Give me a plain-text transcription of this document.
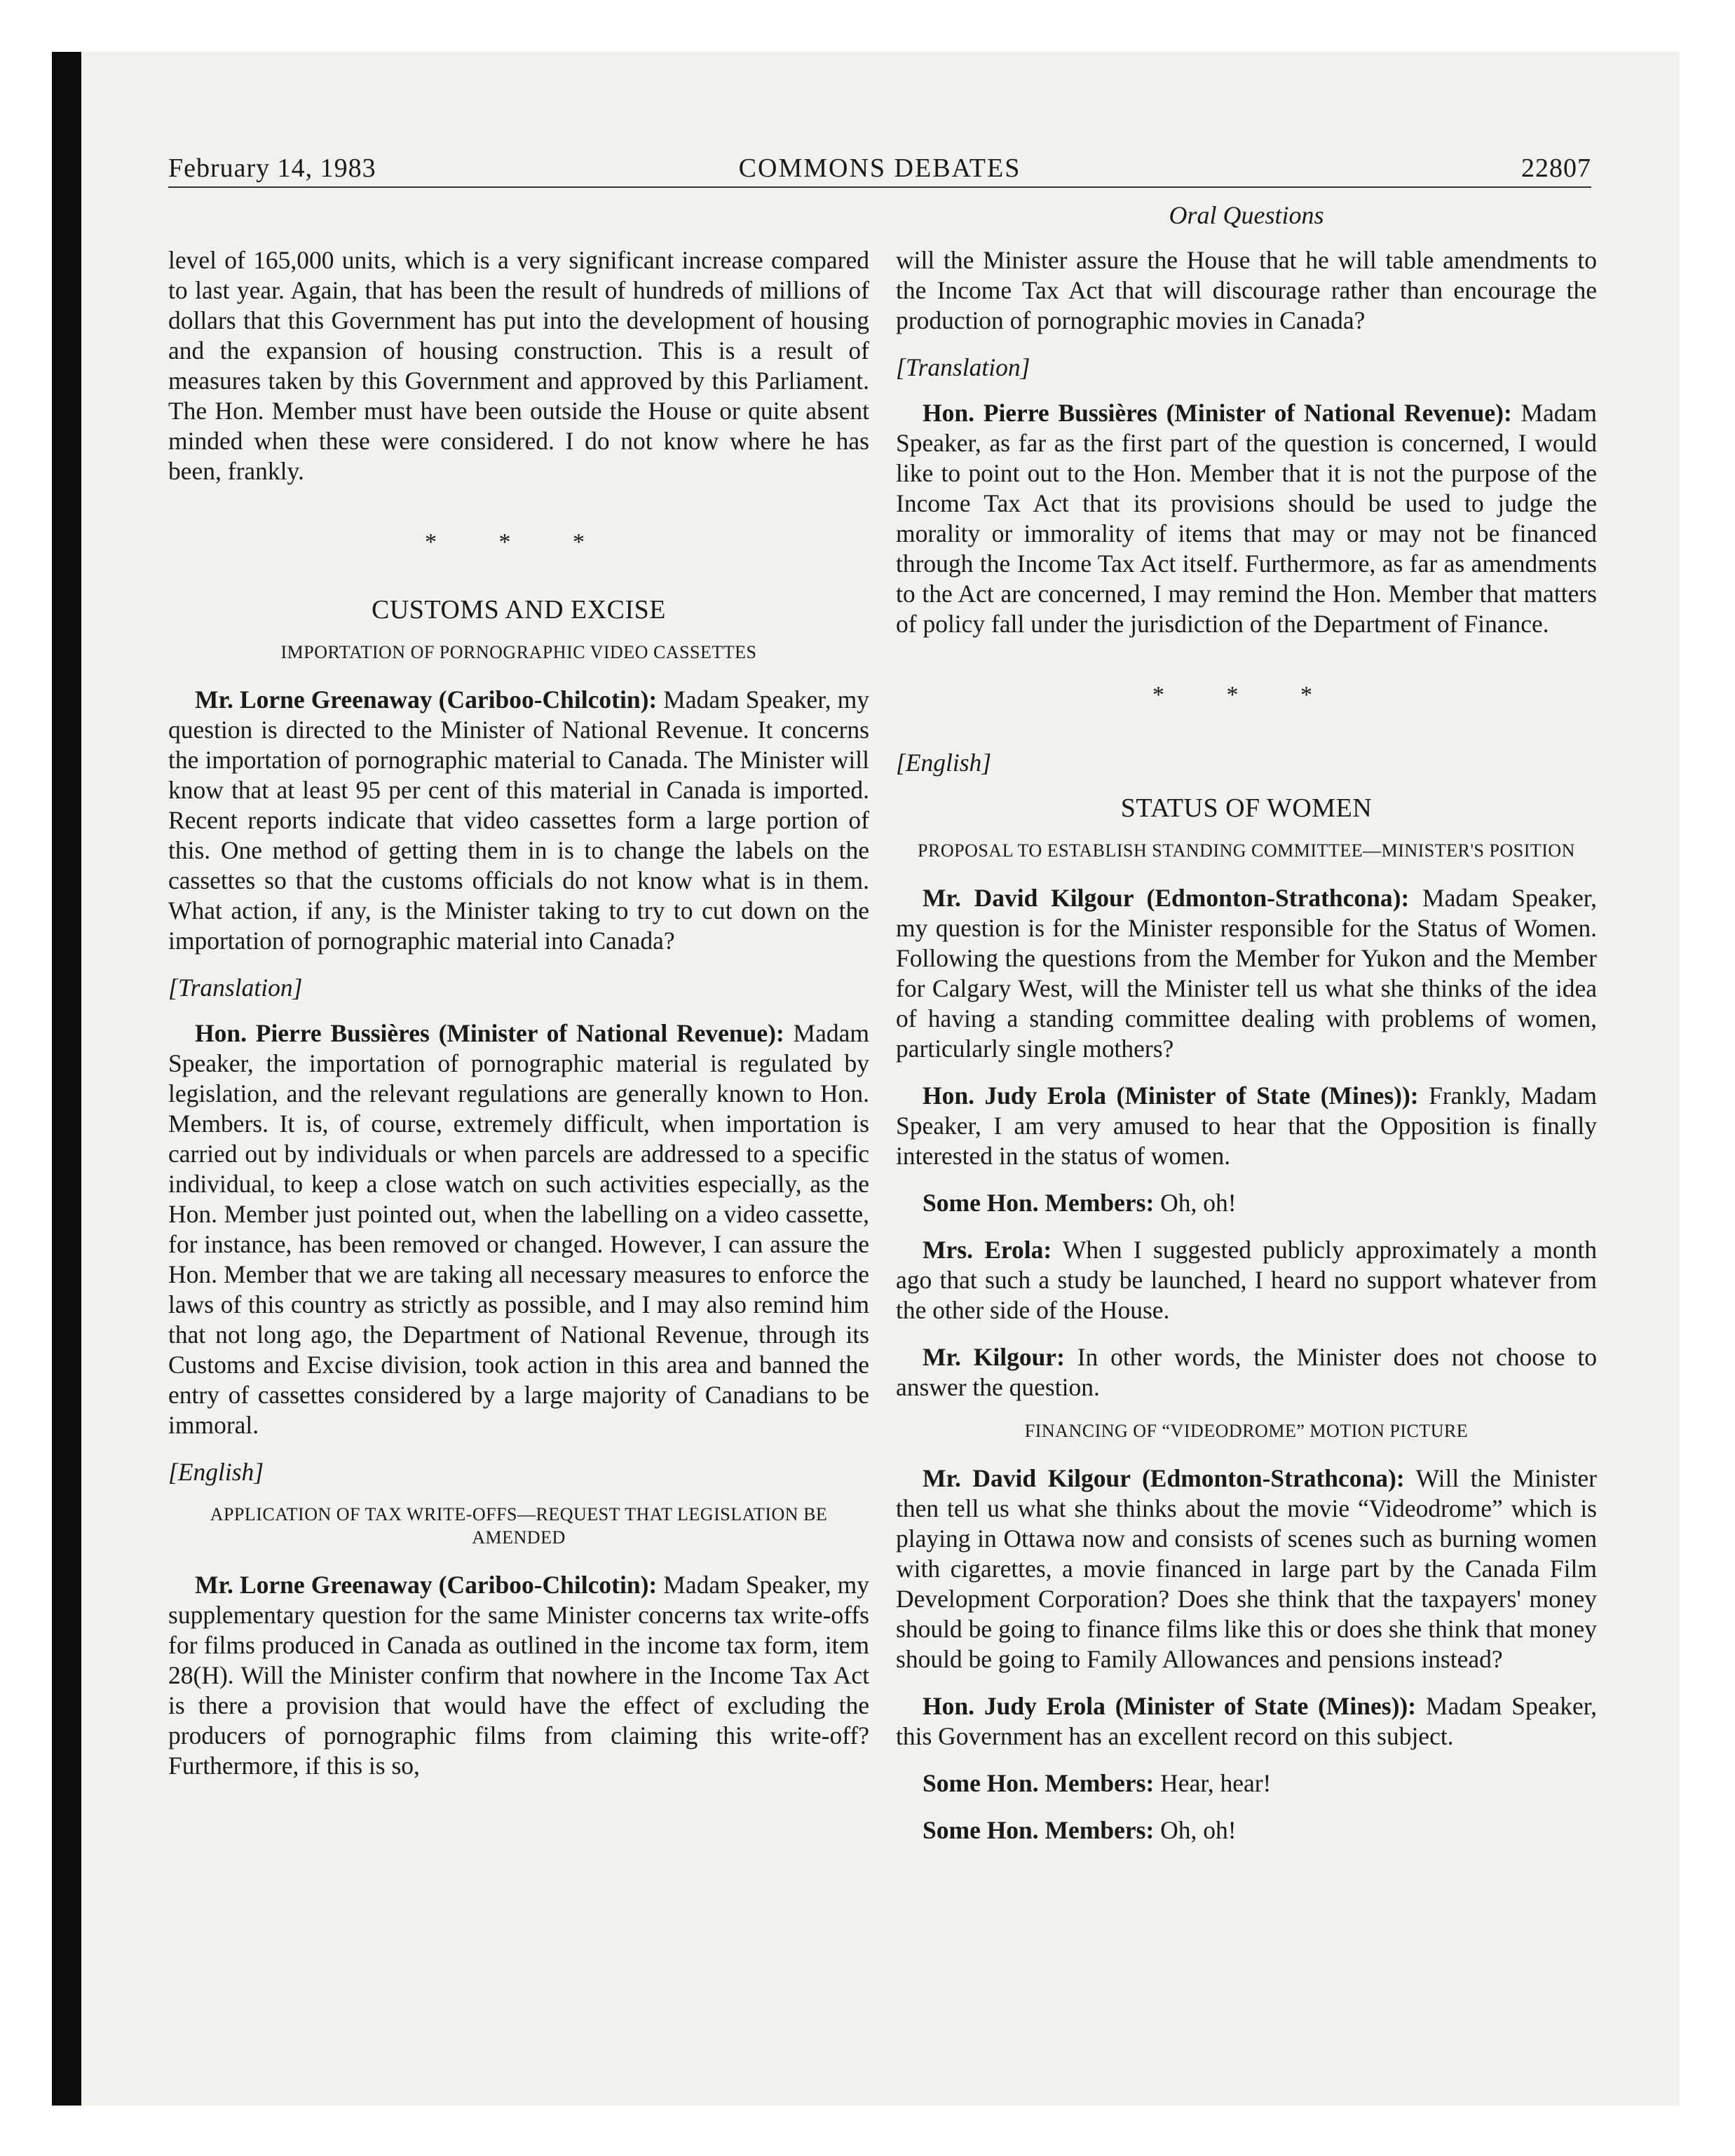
February 14, 1983	COMMONS DEBATES	22807
Oral Questions

level of 165,000 units, which is a very significant increase compared to last year. Again, that has been the result of hundreds of millions of dollars that this Government has put into the development of housing and the expansion of housing construction. This is a result of measures taken by this Government and approved by this Parliament. The Hon. Member must have been outside the House or quite absent minded when these were considered. I do not know where he has been, frankly.

* * *
CUSTOMS AND EXCISE
IMPORTATION OF PORNOGRAPHIC VIDEO CASSETTES

Mr. Lorne Greenaway (Cariboo-Chilcotin): Madam Speaker, my question is directed to the Minister of National Revenue. It concerns the importation of pornographic material to Canada. The Minister will know that at least 95 per cent of this material in Canada is imported. Recent reports indicate that video cassettes form a large portion of this. One method of getting them in is to change the labels on the cassettes so that the customs officials do not know what is in them. What action, if any, is the Minister taking to try to cut down on the importation of pornographic material into Canada?

[Translation]

Hon. Pierre Bussières (Minister of National Revenue): Madam Speaker, the importation of pornographic material is regulated by legislation, and the relevant regulations are generally known to Hon. Members. It is, of course, extremely difficult, when importation is carried out by individuals or when parcels are addressed to a specific individual, to keep a close watch on such activities especially, as the Hon. Member just pointed out, when the labelling on a video cassette, for instance, has been removed or changed. However, I can assure the Hon. Member that we are taking all necessary measures to enforce the laws of this country as strictly as possible, and I may also remind him that not long ago, the Department of National Revenue, through its Customs and Excise division, took action in this area and banned the entry of cassettes considered by a large majority of Canadians to be immoral.

[English]
APPLICATION OF TAX WRITE-OFFS—REQUEST THAT LEGISLATION BE AMENDED

Mr. Lorne Greenaway (Cariboo-Chilcotin): Madam Speaker, my supplementary question for the same Minister concerns tax write-offs for films produced in Canada as outlined in the income tax form, item 28(H). Will the Minister confirm that nowhere in the Income Tax Act is there a provision that would have the effect of excluding the producers of pornographic films from claiming this write-off? Furthermore, if this is so,

will the Minister assure the House that he will table amendments to the Income Tax Act that will discourage rather than encourage the production of pornographic movies in Canada?

[Translation]

Hon. Pierre Bussières (Minister of National Revenue): Madam Speaker, as far as the first part of the question is concerned, I would like to point out to the Hon. Member that it is not the purpose of the Income Tax Act that its provisions should be used to judge the morality or immorality of items that may or may not be financed through the Income Tax Act itself. Furthermore, as far as amendments to the Act are concerned, I may remind the Hon. Member that matters of policy fall under the jurisdiction of the Department of Finance.

* * *
[English]
STATUS OF WOMEN
PROPOSAL TO ESTABLISH STANDING COMMITTEE—MINISTER'S POSITION

Mr. David Kilgour (Edmonton-Strathcona): Madam Speaker, my question is for the Minister responsible for the Status of Women. Following the questions from the Member for Yukon and the Member for Calgary West, will the Minister tell us what she thinks of the idea of having a standing committee dealing with problems of women, particularly single mothers?

Hon. Judy Erola (Minister of State (Mines)): Frankly, Madam Speaker, I am very amused to hear that the Opposition is finally interested in the status of women.

Some Hon. Members: Oh, oh!

Mrs. Erola: When I suggested publicly approximately a month ago that such a study be launched, I heard no support whatever from the other side of the House.

Mr. Kilgour: In other words, the Minister does not choose to answer the question.

FINANCING OF “VIDEODROME” MOTION PICTURE

Mr. David Kilgour (Edmonton-Strathcona): Will the Minister then tell us what she thinks about the movie “Videodrome” which is playing in Ottawa now and consists of scenes such as burning women with cigarettes, a movie financed in large part by the Canada Film Development Corporation? Does she think that the taxpayers' money should be going to finance films like this or does she think that money should be going to Family Allowances and pensions instead?

Hon. Judy Erola (Minister of State (Mines)): Madam Speaker, this Government has an excellent record on this subject.

Some Hon. Members: Hear, hear!

Some Hon. Members: Oh, oh!
